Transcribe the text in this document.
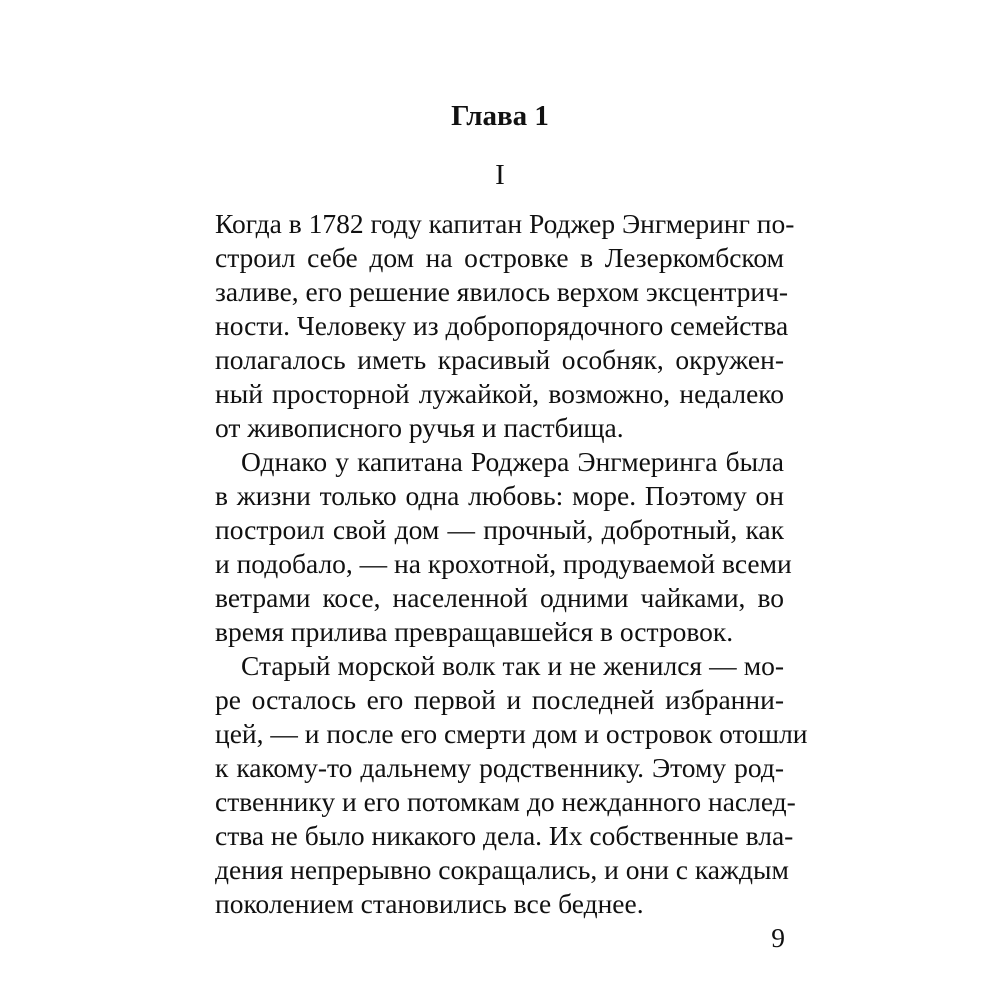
Глава 1
I

Когда в 1782 году капитан Роджер Энгмеринг по-

строил себе дом на островке в Лезеркомбском

заливе, его решение явилось верхом эксцентрич-

ности. Человеку из добропорядочного семейства

полагалось иметь красивый особняк, окружен-

ный просторной лужайкой, возможно, недалеко

от живописного ручья и пастбища.

Однако у капитана Роджера Энгмеринга была

в жизни только одна любовь: море. Поэтому он

построил свой дом — прочный, добротный, как

и подобало, — на крохотной, продуваемой всеми

ветрами косе, населенной одними чайками, во

время прилива превращавшейся в островок.

Старый морской волк так и не женился — мо-

ре осталось его первой и последней избранни-

цей, — и после его смерти дом и островок отошли

к какому-то дальнему родственнику. Этому род-

ственнику и его потомкам до нежданного наслед-

ства не было никакого дела. Их собственные вла-

дения непрерывно сокращались, и они с каждым

поколением становились все беднее.

9
